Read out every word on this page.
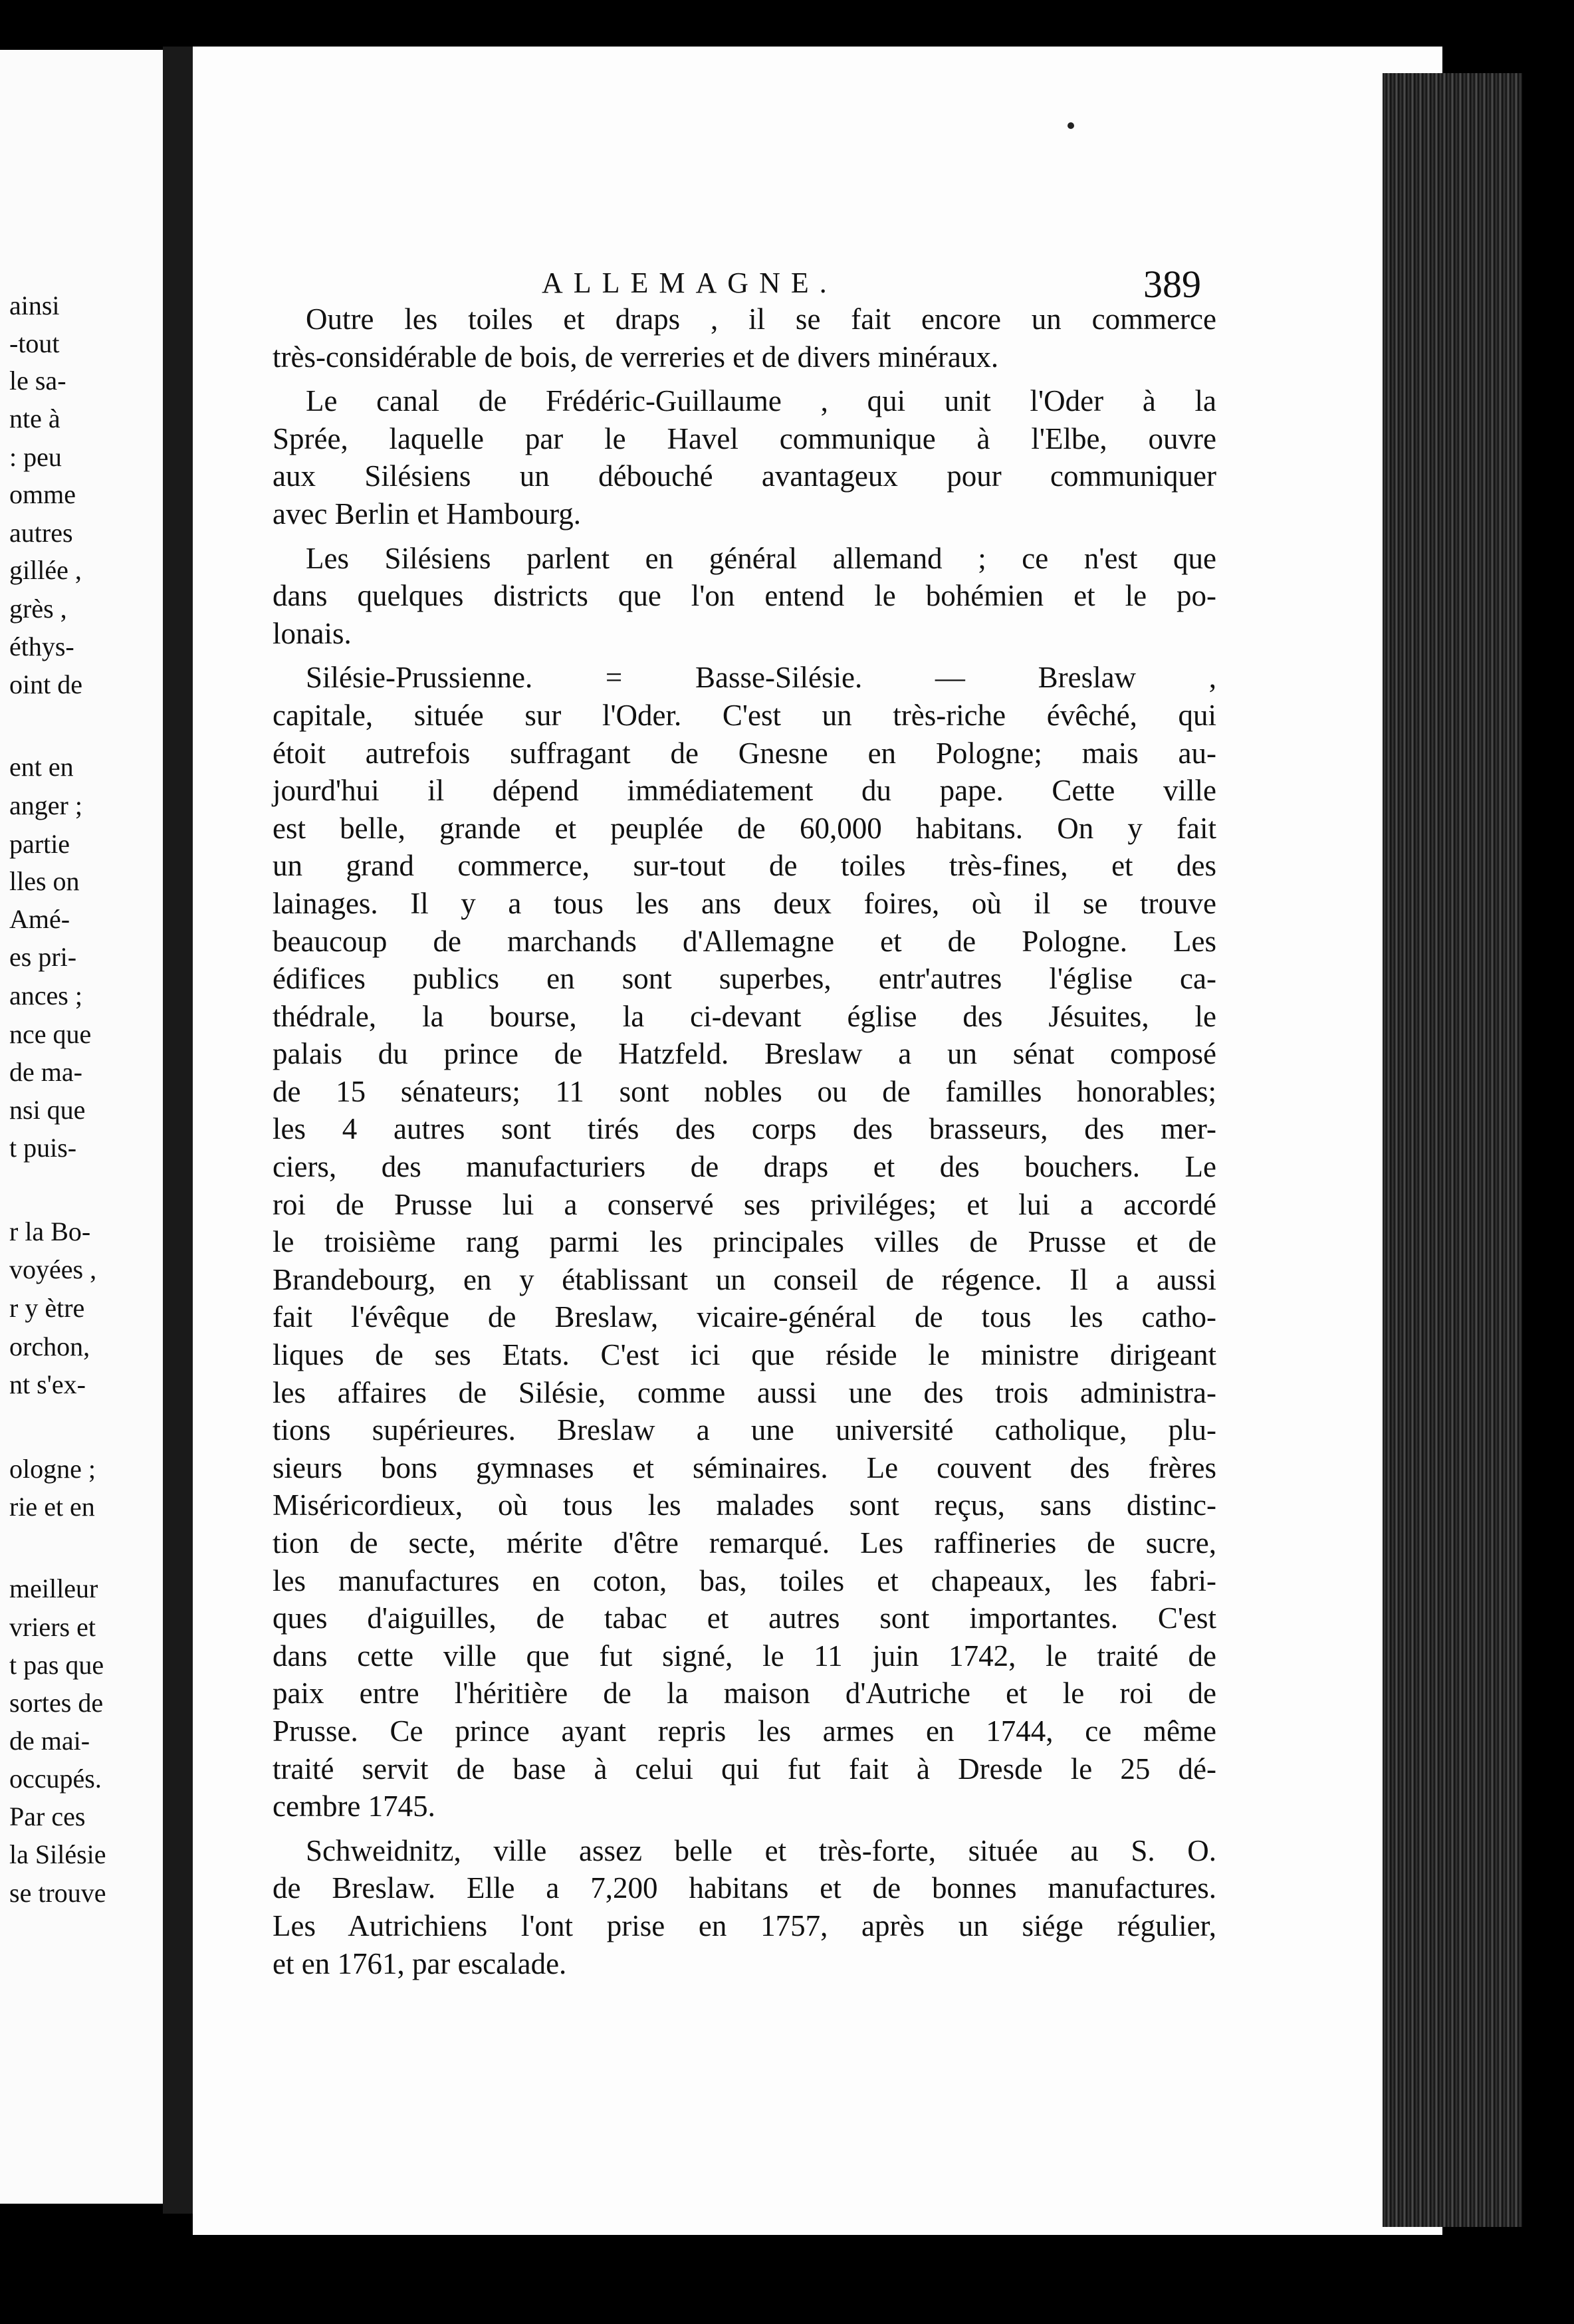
ainsi
-tout
le sa-
nte à
: peu
omme
autres
gillée ,
grès ,
éthys-
oint de
ent en
anger ;
partie
lles on
Amé-
es pri-
ances ;
nce que
de ma-
nsi que
t puis-
r la Bo-
voyées ,
r y ètre
orchon,
nt s'ex-
ologne ;
rie et en
meilleur
vriers et
t pas que
sortes de
de mai-
occupés.
Par ces
la Silésie
se trouve
ALLEMAGNE.	389
Outre les toiles et draps , il se fait encore un commerce
très-considérable de bois, de verreries et de divers minéraux.
Le canal de Frédéric-Guillaume , qui unit l'Oder à la
Sprée, laquelle par le Havel communique à l'Elbe, ouvre
aux Silésiens un débouché avantageux pour communiquer
avec Berlin et Hambourg.
Les Silésiens parlent en général allemand ; ce n'est que
dans quelques districts que l'on entend le bohémien et le po-
lonais.
Silésie-Prussienne. = Basse-Silésie. — Breslaw ,
capitale, située sur l'Oder. C'est un très-riche évêché, qui
étoit autrefois suffragant de Gnesne en Pologne; mais au-
jourd'hui il dépend immédiatement du pape. Cette ville
est belle, grande et peuplée de 60,000 habitans. On y fait
un grand commerce, sur-tout de toiles très-fines, et des
lainages. Il y a tous les ans deux foires, où il se trouve
beaucoup de marchands d'Allemagne et de Pologne. Les
édifices publics en sont superbes, entr'autres l'église ca-
thédrale, la bourse, la ci-devant église des Jésuites, le
palais du prince de Hatzfeld. Breslaw a un sénat composé
de 15 sénateurs; 11 sont nobles ou de familles honorables;
les 4 autres sont tirés des corps des brasseurs, des mer-
ciers, des manufacturiers de draps et des bouchers. Le
roi de Prusse lui a conservé ses priviléges; et lui a accordé
le troisième rang parmi les principales villes de Prusse et de
Brandebourg, en y établissant un conseil de régence. Il a aussi
fait l'évêque de Breslaw, vicaire-général de tous les catho-
liques de ses Etats. C'est ici que réside le ministre dirigeant
les affaires de Silésie, comme aussi une des trois administra-
tions supérieures. Breslaw a une université catholique, plu-
sieurs bons gymnases et séminaires. Le couvent des frères
Miséricordieux, où tous les malades sont reçus, sans distinc-
tion de secte, mérite d'être remarqué. Les raffineries de sucre,
les manufactures en coton, bas, toiles et chapeaux, les fabri-
ques d'aiguilles, de tabac et autres sont importantes. C'est
dans cette ville que fut signé, le 11 juin 1742, le traité de
paix entre l'héritière de la maison d'Autriche et le roi de
Prusse. Ce prince ayant repris les armes en 1744, ce même
traité servit de base à celui qui fut fait à Dresde le 25 dé-
cembre 1745.
Schweidnitz, ville assez belle et très-forte, située au S. O.
de Breslaw. Elle a 7,200 habitans et de bonnes manufactures.
Les Autrichiens l'ont prise en 1757, après un siége régulier,
et en 1761, par escalade.
